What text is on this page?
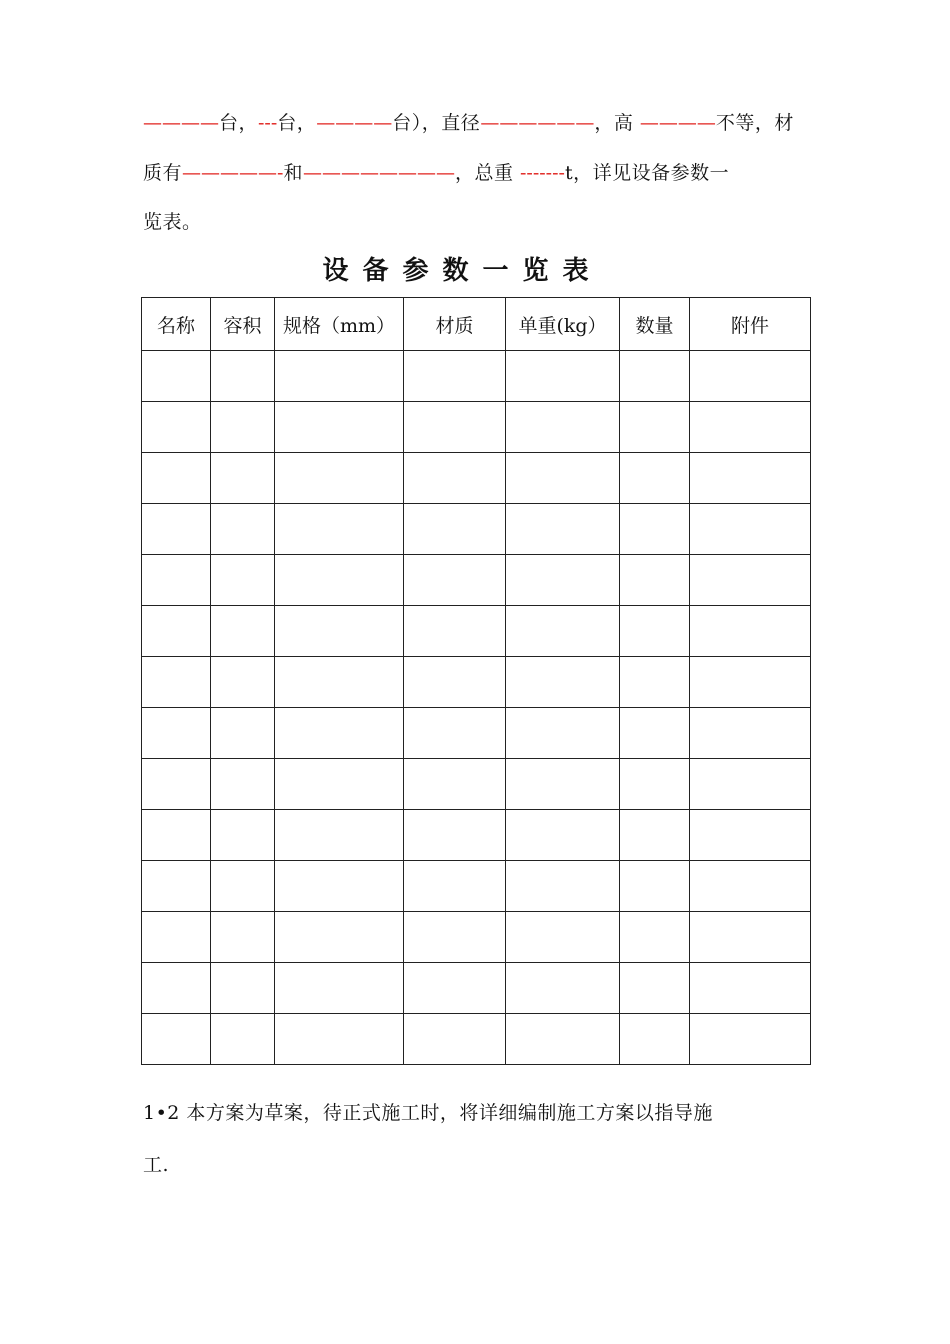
————台，---台，————台），直径——————，高 ————不等，材
质有—————-和————————，总重 -------t，详见设备参数一
览表。
设备参数一览表
名称	容积	规格（mm）	材质	单重(kg）	数量	附件

1•2 本方案为草案，待正式施工时，将详细编制施工方案以指导施
工.
